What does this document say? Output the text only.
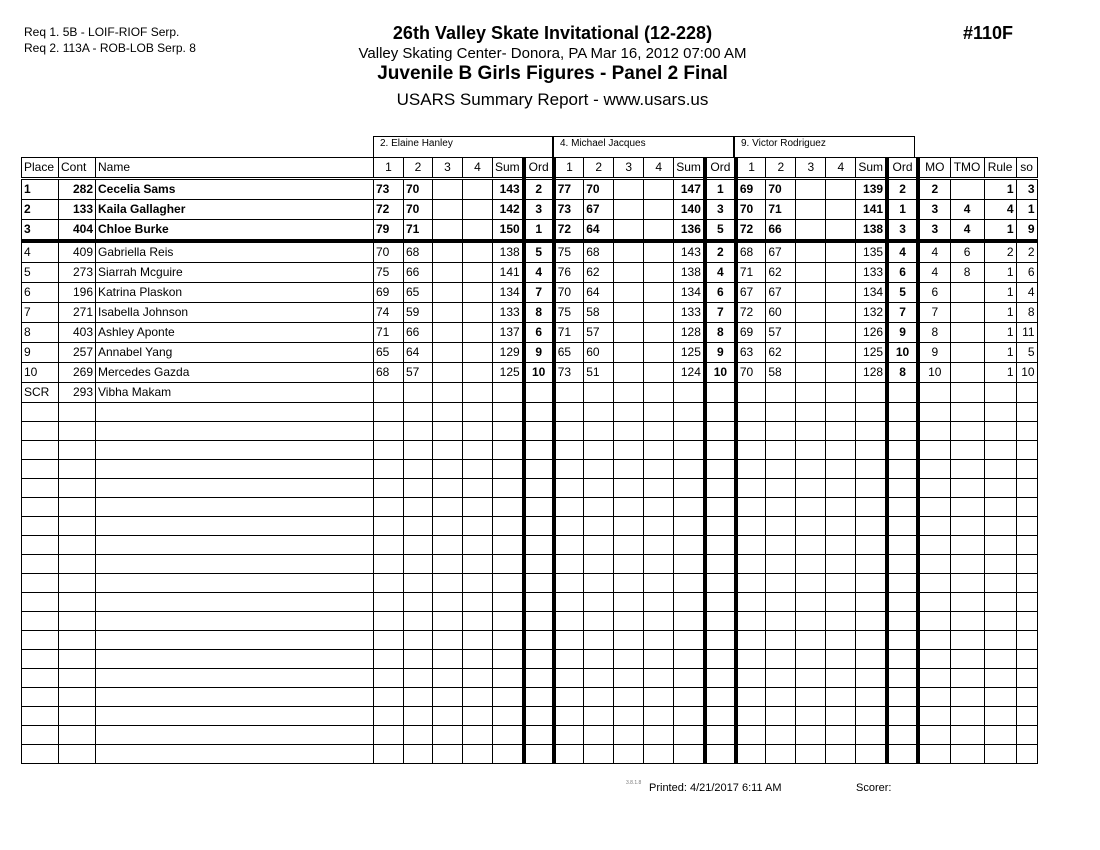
Req 1. 5B - LOIF-RIOF Serp.
Req 2. 113A - ROB-LOB Serp. 8
26th Valley Skate Invitational (12-228)
Valley Skating Center- Donora, PA Mar 16, 2012 07:00 AM
Juvenile B Girls Figures - Panel 2 Final
USARS Summary Report - www.usars.us
#110F
2. Elaine Hanley	4. Michael Jacques	9. Victor Rodriguez
Place	Cont	Name	1	2	3	4	Sum	Ord	1	2	3	4	Sum	Ord	1	2	3	4	Sum	Ord	MO	TMO	Rule	so
1	282	Cecelia Sams	73	70			143	2	77	70			147	1	69	70			139	2	2		1	3
2	133	Kaila Gallagher	72	70			142	3	73	67			140	3	70	71			141	1	3	4	4	1
3	404	Chloe Burke	79	71			150	1	72	64			136	5	72	66			138	3	3	4	1	9
4	409	Gabriella Reis	70	68			138	5	75	68			143	2	68	67			135	4	4	6	2	2
5	273	Siarrah Mcguire	75	66			141	4	76	62			138	4	71	62			133	6	4	8	1	6
6	196	Katrina Plaskon	69	65			134	7	70	64			134	6	67	67			134	5	6		1	4
7	271	Isabella Johnson	74	59			133	8	75	58			133	7	72	60			132	7	7		1	8
8	403	Ashley Aponte	71	66			137	6	71	57			128	8	69	57			126	9	8		1	11
9	257	Annabel Yang	65	64			129	9	65	60			125	9	63	62			125	10	9		1	5
10	269	Mercedes Gazda	68	57			125	10	73	51			124	10	70	58			128	8	10		1	10
SCR	293	Vibha Makam																						

3.8.1.8 Printed: 4/21/2017 6:11 AM	Scorer:
